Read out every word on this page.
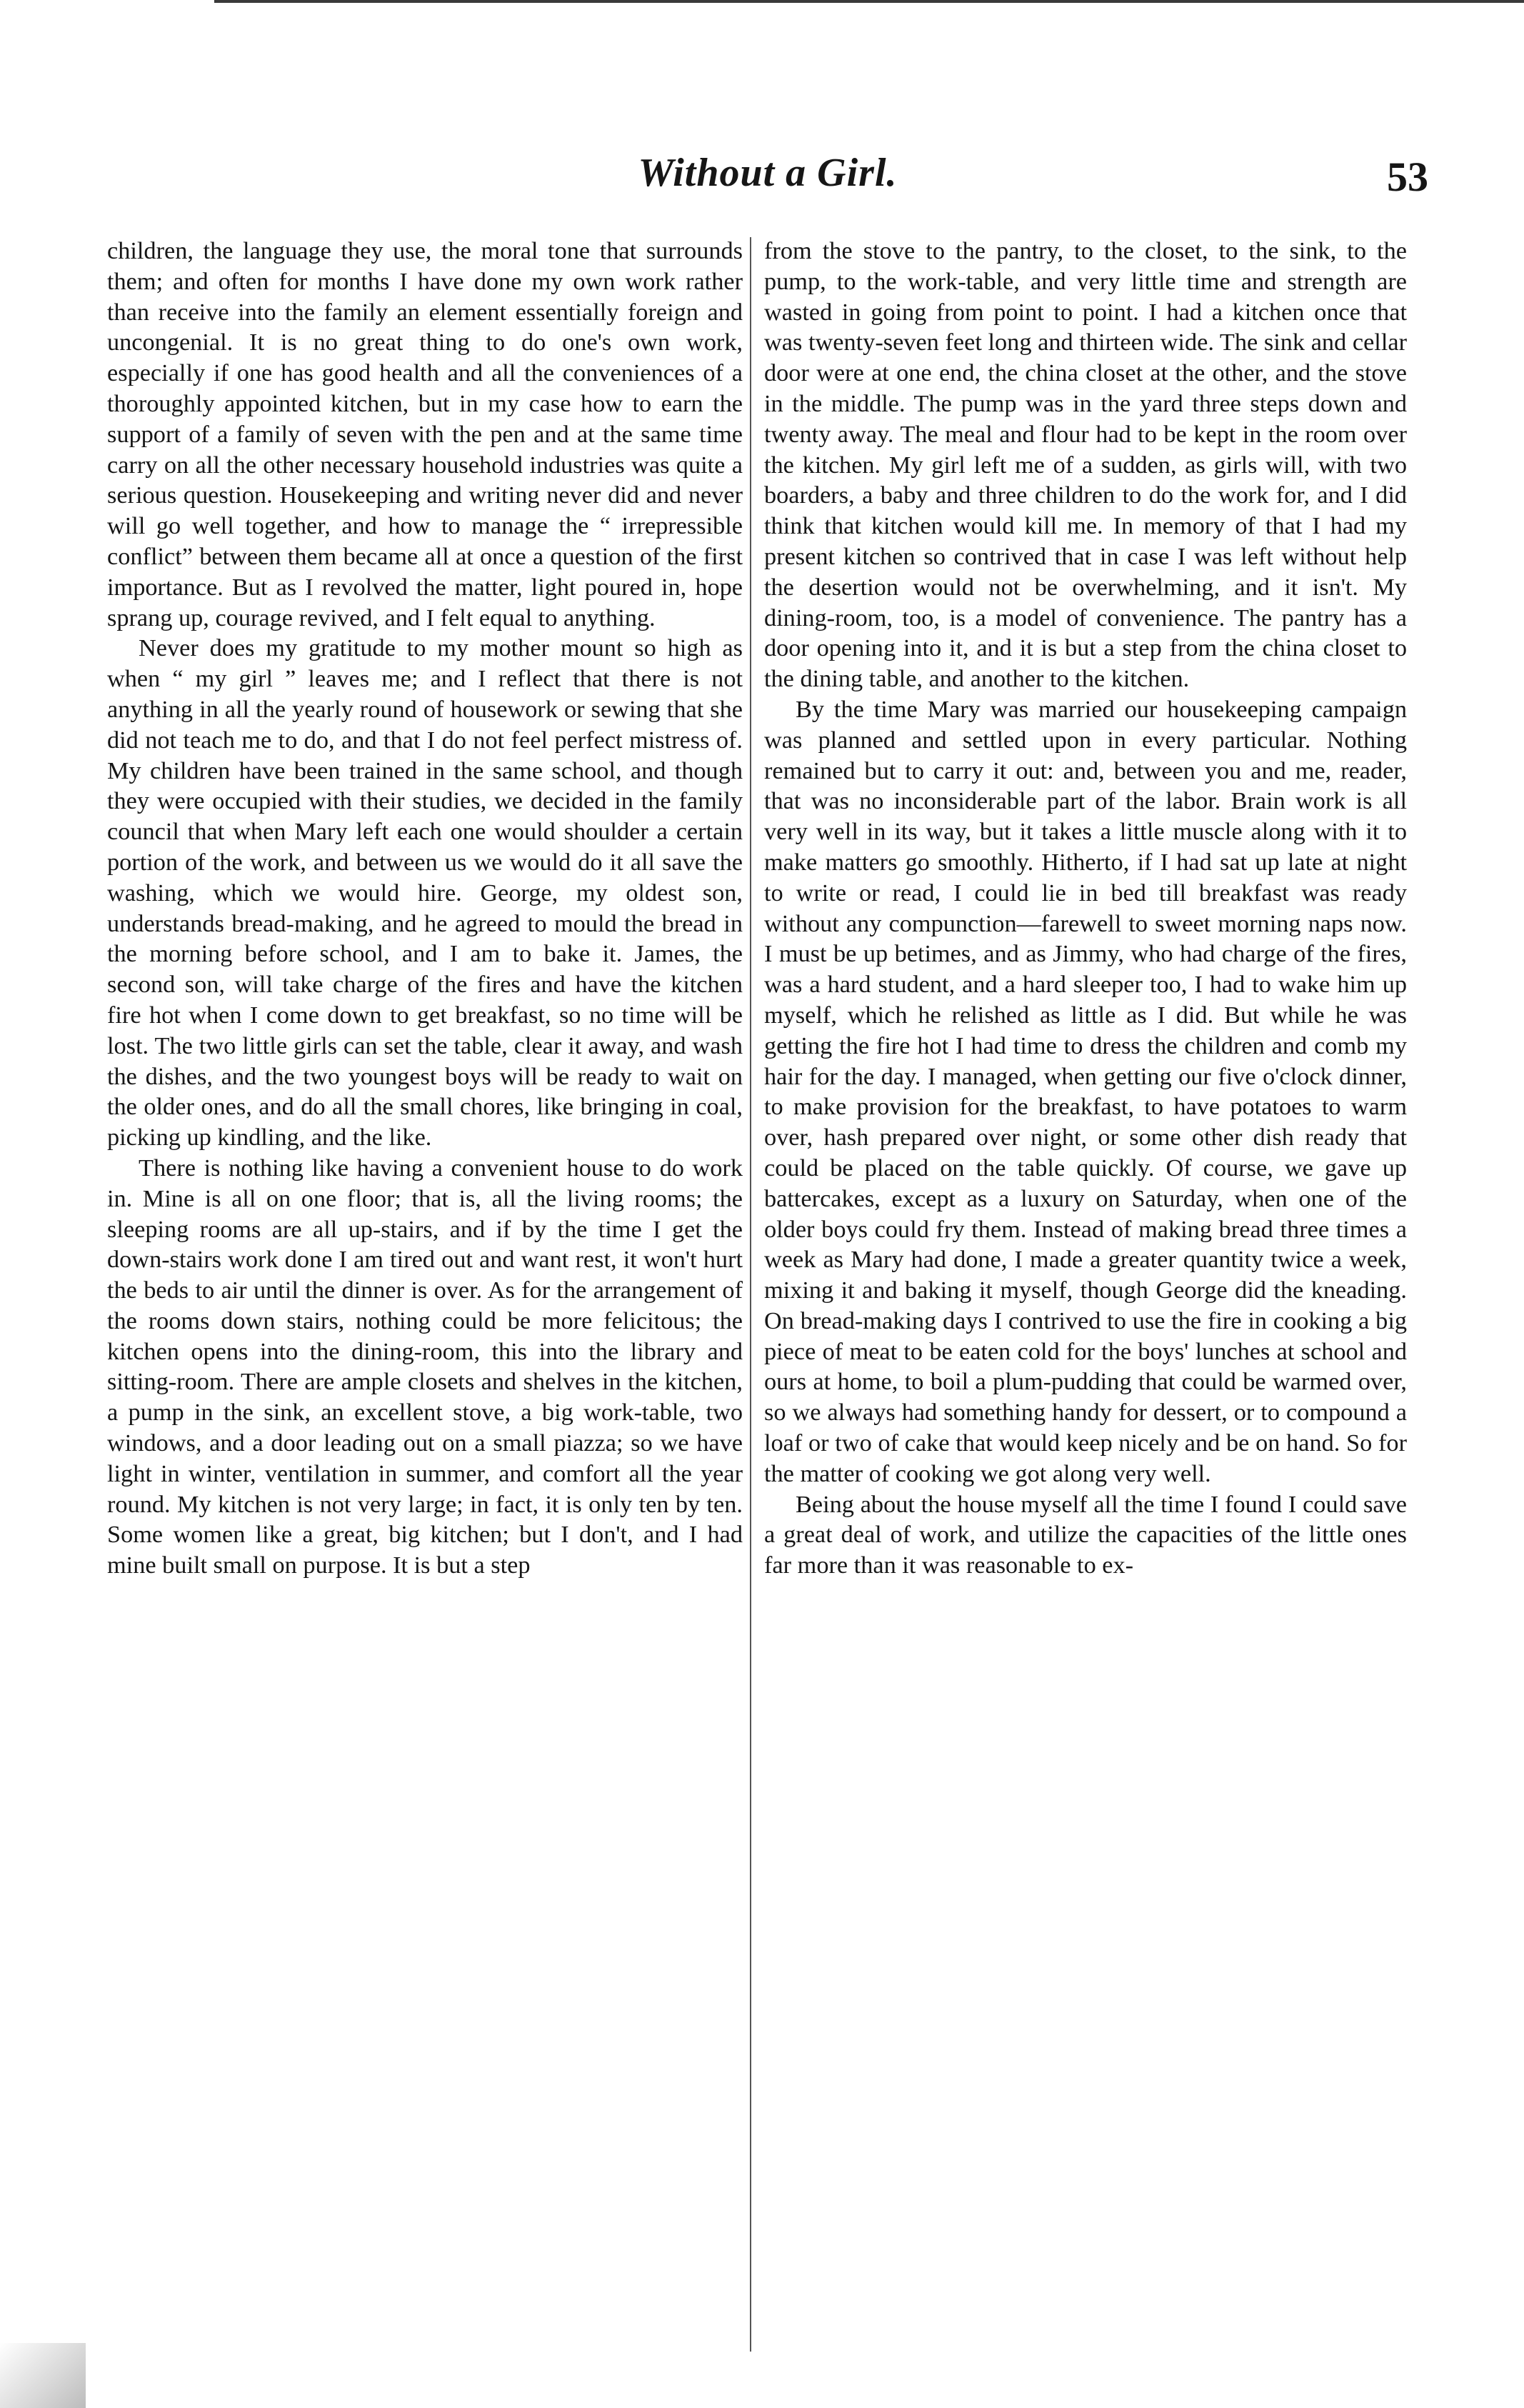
Without a Girl.	53

children, the language they use, the moral tone that surrounds them; and often for months I have done my own work rather than receive into the family an element essentially foreign and uncongenial. It is no great thing to do one's own work, especially if one has good health and all the conveniences of a thoroughly appointed kitchen, but in my case how to earn the support of a family of seven with the pen and at the same time carry on all the other necessary household industries was quite a serious question. Housekeeping and writing never did and never will go well together, and how to manage the “ irrepressible conflict” between them became all at once a question of the first importance. But as I revolved the matter, light poured in, hope sprang up, courage revived, and I felt equal to anything.

Never does my gratitude to my mother mount so high as when “ my girl ” leaves me; and I reflect that there is not anything in all the yearly round of housework or sewing that she did not teach me to do, and that I do not feel perfect mistress of. My children have been trained in the same school, and though they were occupied with their studies, we decided in the family council that when Mary left each one would shoulder a certain portion of the work, and between us we would do it all save the washing, which we would hire. George, my oldest son, understands bread-making, and he agreed to mould the bread in the morning before school, and I am to bake it. James, the second son, will take charge of the fires and have the kitchen fire hot when I come down to get breakfast, so no time will be lost. The two little girls can set the table, clear it away, and wash the dishes, and the two youngest boys will be ready to wait on the older ones, and do all the small chores, like bringing in coal, picking up kindling, and the like.

There is nothing like having a convenient house to do work in. Mine is all on one floor; that is, all the living rooms; the sleeping rooms are all up-stairs, and if by the time I get the down-stairs work done I am tired out and want rest, it won't hurt the beds to air until the dinner is over. As for the arrangement of the rooms down stairs, nothing could be more felicitous; the kitchen opens into the dining-room, this into the library and sitting-room. There are ample closets and shelves in the kitchen, a pump in the sink, an excellent stove, a big work-table, two windows, and a door leading out on a small piazza; so we have light in winter, ventilation in summer, and comfort all the year round. My kitchen is not very large; in fact, it is only ten by ten. Some women like a great, big kitchen; but I don't, and I had mine built small on purpose. It is but a step

from the stove to the pantry, to the closet, to the sink, to the pump, to the work-table, and very little time and strength are wasted in going from point to point. I had a kitchen once that was twenty-seven feet long and thirteen wide. The sink and cellar door were at one end, the china closet at the other, and the stove in the middle. The pump was in the yard three steps down and twenty away. The meal and flour had to be kept in the room over the kitchen. My girl left me of a sudden, as girls will, with two boarders, a baby and three children to do the work for, and I did think that kitchen would kill me. In memory of that I had my present kitchen so contrived that in case I was left without help the desertion would not be overwhelming, and it isn't. My dining-room, too, is a model of convenience. The pantry has a door opening into it, and it is but a step from the china closet to the dining table, and another to the kitchen.

By the time Mary was married our housekeeping campaign was planned and settled upon in every particular. Nothing remained but to carry it out: and, between you and me, reader, that was no inconsiderable part of the labor. Brain work is all very well in its way, but it takes a little muscle along with it to make matters go smoothly. Hitherto, if I had sat up late at night to write or read, I could lie in bed till breakfast was ready without any compunction—farewell to sweet morning naps now. I must be up betimes, and as Jimmy, who had charge of the fires, was a hard student, and a hard sleeper too, I had to wake him up myself, which he relished as little as I did. But while he was getting the fire hot I had time to dress the children and comb my hair for the day. I managed, when getting our five o'clock dinner, to make provision for the breakfast, to have potatoes to warm over, hash prepared over night, or some other dish ready that could be placed on the table quickly. Of course, we gave up battercakes, except as a luxury on Saturday, when one of the older boys could fry them. Instead of making bread three times a week as Mary had done, I made a greater quantity twice a week, mixing it and baking it myself, though George did the kneading. On bread-making days I contrived to use the fire in cooking a big piece of meat to be eaten cold for the boys' lunches at school and ours at home, to boil a plum-pudding that could be warmed over, so we always had something handy for dessert, or to compound a loaf or two of cake that would keep nicely and be on hand. So for the matter of cooking we got along very well.

Being about the house myself all the time I found I could save a great deal of work, and utilize the capacities of the little ones far more than it was reasonable to ex-
